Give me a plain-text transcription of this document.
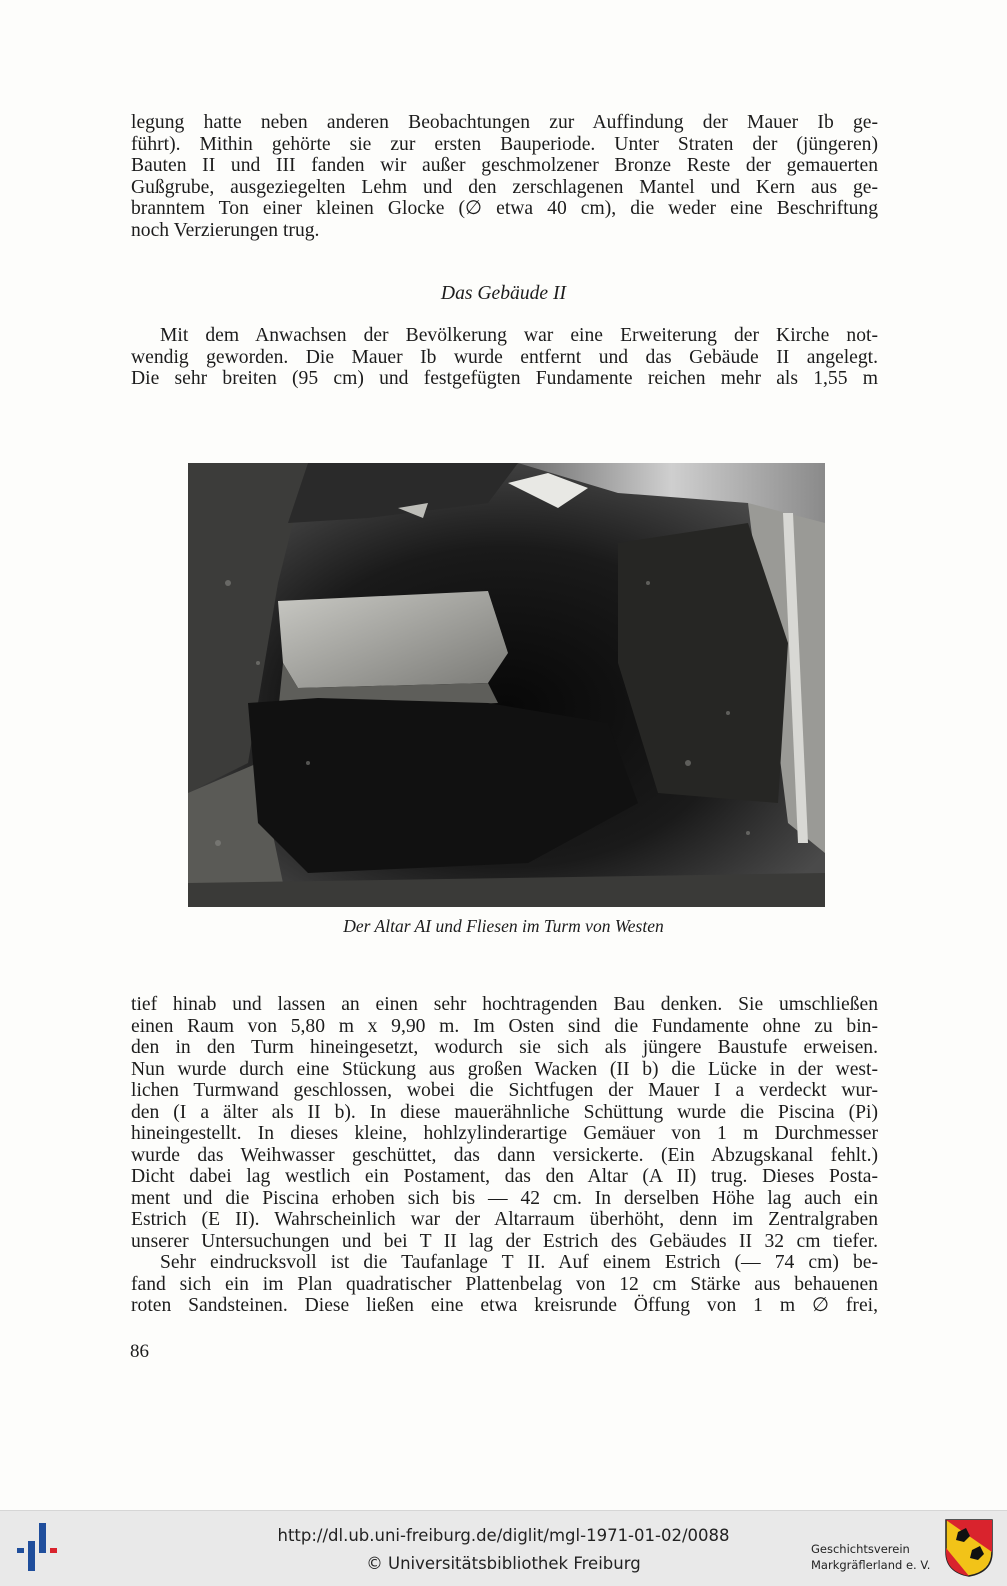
legung hatte neben anderen Beobachtungen zur Auffindung der Mauer Ib ge-
führt). Mithin gehörte sie zur ersten Bauperiode. Unter Straten der (jüngeren)
Bauten II und III fanden wir außer geschmolzener Bronze Reste der gemauerten
Gußgrube, ausgeziegelten Lehm und den zerschlagenen Mantel und Kern aus ge-
branntem Ton einer kleinen Glocke (∅ etwa 40 cm), die weder eine Beschriftung
noch Verzierungen trug.

Das Gebäude II

Mit dem Anwachsen der Bevölkerung war eine Erweiterung der Kirche not-
wendig geworden. Die Mauer Ib wurde entfernt und das Gebäude II angelegt.
Die sehr breiten (95 cm) und festgefügten Fundamente reichen mehr als 1,55 m

Der Altar AI und Fliesen im Turm von Westen

tief hinab und lassen an einen sehr hochtragenden Bau denken. Sie umschließen
einen Raum von 5,80 m x 9,90 m. Im Osten sind die Fundamente ohne zu bin-
den in den Turm hineingesetzt, wodurch sie sich als jüngere Baustufe erweisen.
Nun wurde durch eine Stückung aus großen Wacken (II b) die Lücke in der west-
lichen Turmwand geschlossen, wobei die Sichtfugen der Mauer I a verdeckt wur-
den (I a älter als II b). In diese mauerähnliche Schüttung wurde die Piscina (Pi)
hineingestellt. In dieses kleine, hohlzylinderartige Gemäuer von 1 m Durchmesser
wurde das Weihwasser geschüttet, das dann versickerte. (Ein Abzugskanal fehlt.)
Dicht dabei lag westlich ein Postament, das den Altar (A II) trug. Dieses Posta-
ment und die Piscina erhoben sich bis — 42 cm. In derselben Höhe lag auch ein
Estrich (E II). Wahrscheinlich war der Altarraum überhöht, denn im Zentralgraben
unserer Untersuchungen und bei T II lag der Estrich des Gebäudes II 32 cm tiefer.

Sehr eindrucksvoll ist die Taufanlage T II. Auf einem Estrich (— 74 cm) be-
fand sich ein im Plan quadratischer Plattenbelag von 12 cm Stärke aus behauenen
roten Sandsteinen. Diese ließen eine etwa kreisrunde Öffung von 1 m ∅ frei,

86
http://dl.ub.uni-freiburg.de/diglit/mgl-1971-01-02/0088
© Universitätsbibliothek Freiburg
Geschichtsverein
Markgräflerland e. V.
